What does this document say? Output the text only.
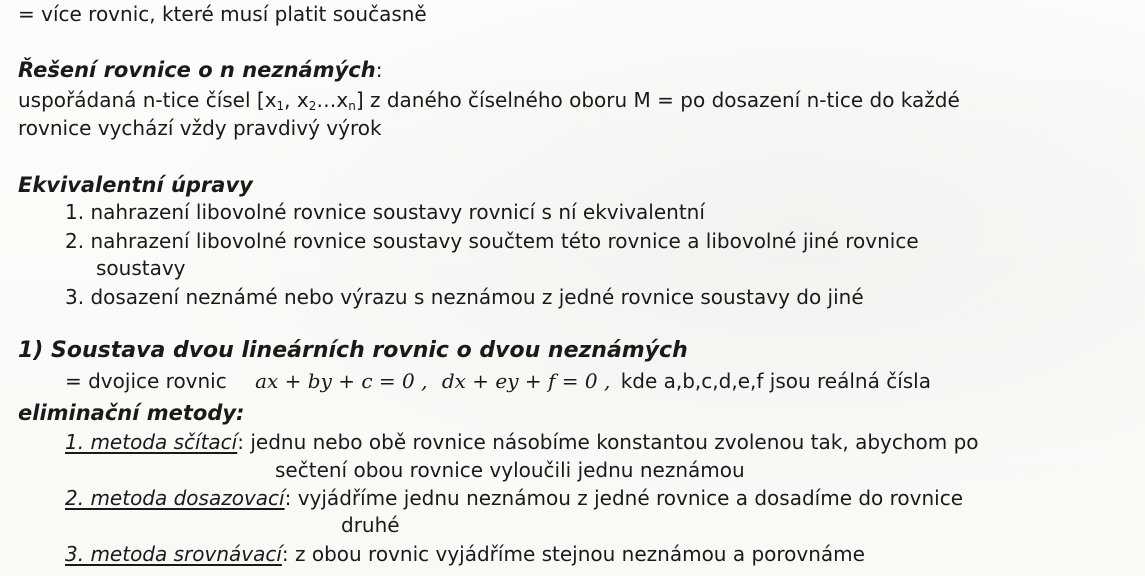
= více rovnic, které musí platit současně
Řešení rovnice o n neznámých:
uspořádaná n-tice čísel [$x_1$, $x_2\dots x_n$] z daného číselného oboru M = po dosazení n-tice do každé
rovnice vychází vždy pravdivý výrok
Ekvivalentní úpravy
1. nahrazení libovolné rovnice soustavy rovnicí s ní ekvivalentní
2. nahrazení libovolné rovnice soustavy součtem této rovnice a libovolné jiné rovnice
soustavy
3. dosazení neznámé nebo výrazu s neznámou z jedné rovnice soustavy do jiné
1) Soustava dvou lineárních rovnic o dvou neznámých
= dvojice rovnic ax + by + c = 0 , dx + ey + f = 0 , kde a,b,c,d,e,f jsou reálná čísla
eliminační metody:
1. metoda sčítací: jednu nebo obě rovnice násobíme konstantou zvolenou tak, abychom po
sečtení obou rovnice vyloučili jednu neznámou
2. metoda dosazovací: vyjádříme jednu neznámou z jedné rovnice a dosadíme do rovnice
druhé
3. metoda srovnávací: z obou rovnic vyjádříme stejnou neznámou a porovnáme
